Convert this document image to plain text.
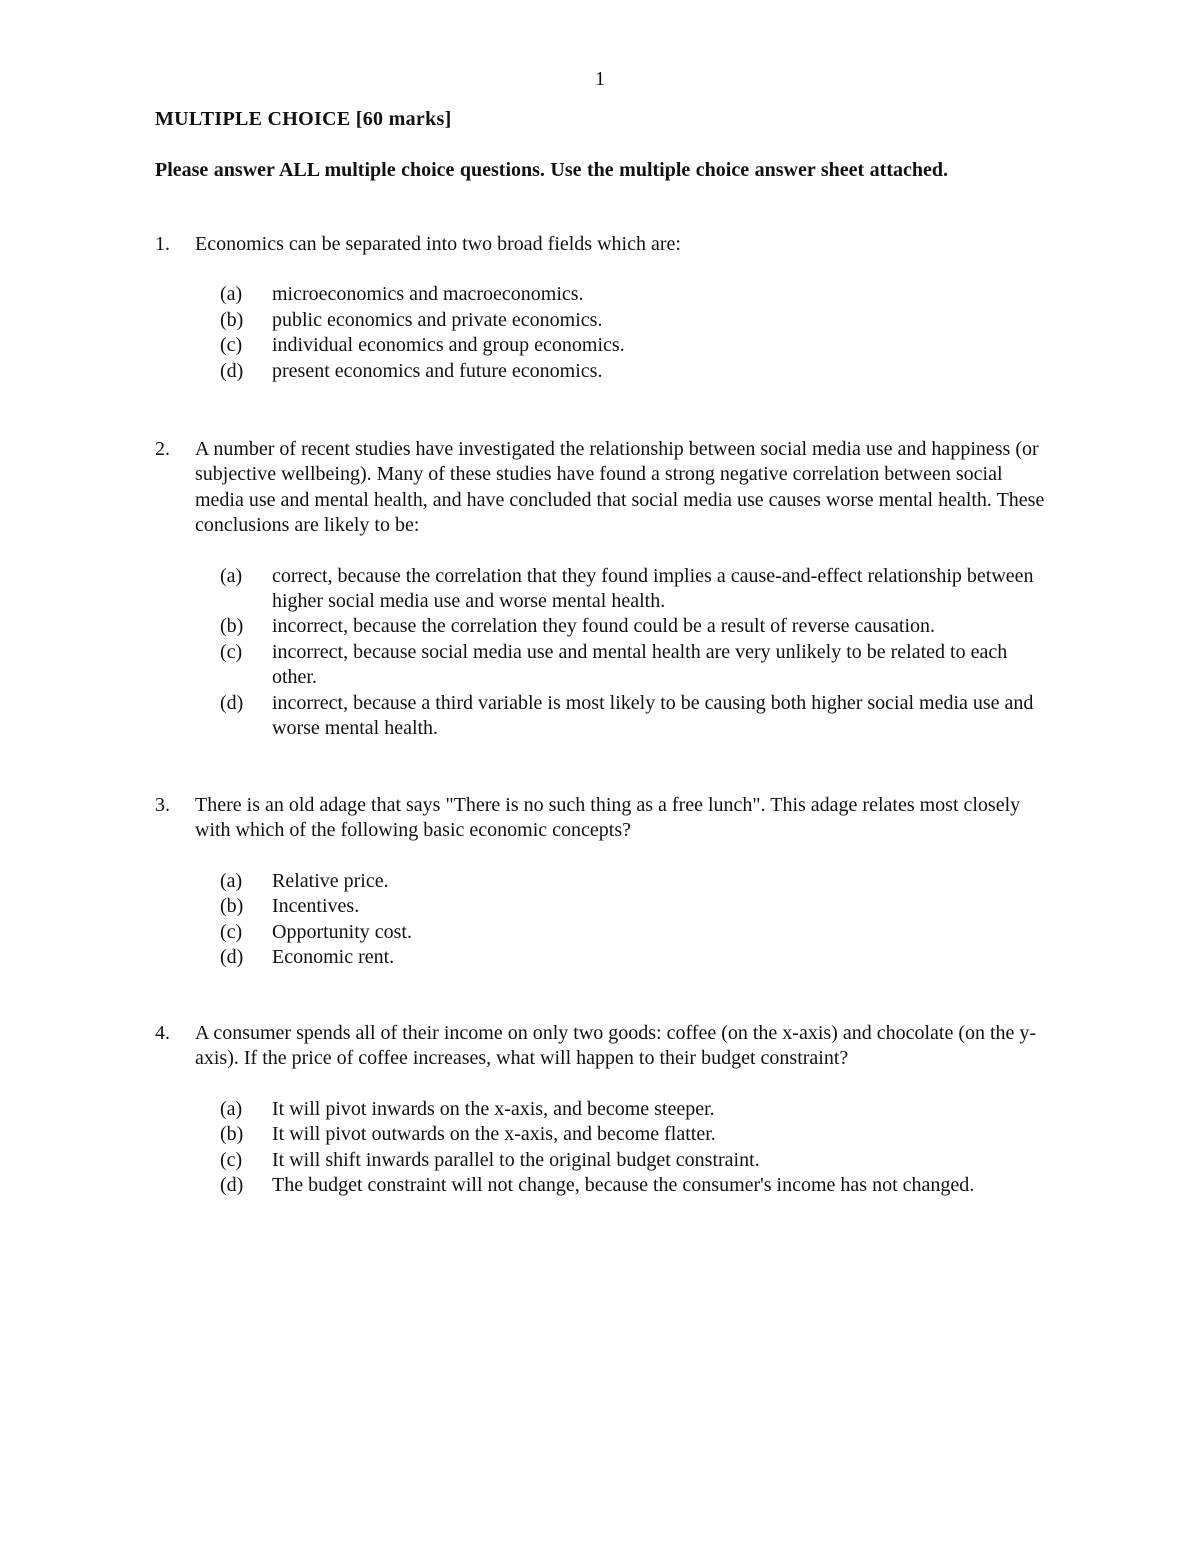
1
MULTIPLE CHOICE [60 marks]
Please answer ALL multiple choice questions. Use the multiple choice answer sheet attached.
1. Economics can be separated into two broad fields which are:
(a) microeconomics and macroeconomics.
(b) public economics and private economics.
(c) individual economics and group economics.
(d) present economics and future economics.
2. A number of recent studies have investigated the relationship between social media use and happiness (or subjective wellbeing). Many of these studies have found a strong negative correlation between social media use and mental health, and have concluded that social media use causes worse mental health. These conclusions are likely to be:
(a) correct, because the correlation that they found implies a cause-and-effect relationship between higher social media use and worse mental health.
(b) incorrect, because the correlation they found could be a result of reverse causation.
(c) incorrect, because social media use and mental health are very unlikely to be related to each other.
(d) incorrect, because a third variable is most likely to be causing both higher social media use and worse mental health.
3. There is an old adage that says "There is no such thing as a free lunch". This adage relates most closely with which of the following basic economic concepts?
(a) Relative price.
(b) Incentives.
(c) Opportunity cost.
(d) Economic rent.
4. A consumer spends all of their income on only two goods: coffee (on the x-axis) and chocolate (on the y-axis). If the price of coffee increases, what will happen to their budget constraint?
(a) It will pivot inwards on the x-axis, and become steeper.
(b) It will pivot outwards on the x-axis, and become flatter.
(c) It will shift inwards parallel to the original budget constraint.
(d) The budget constraint will not change, because the consumer's income has not changed.
